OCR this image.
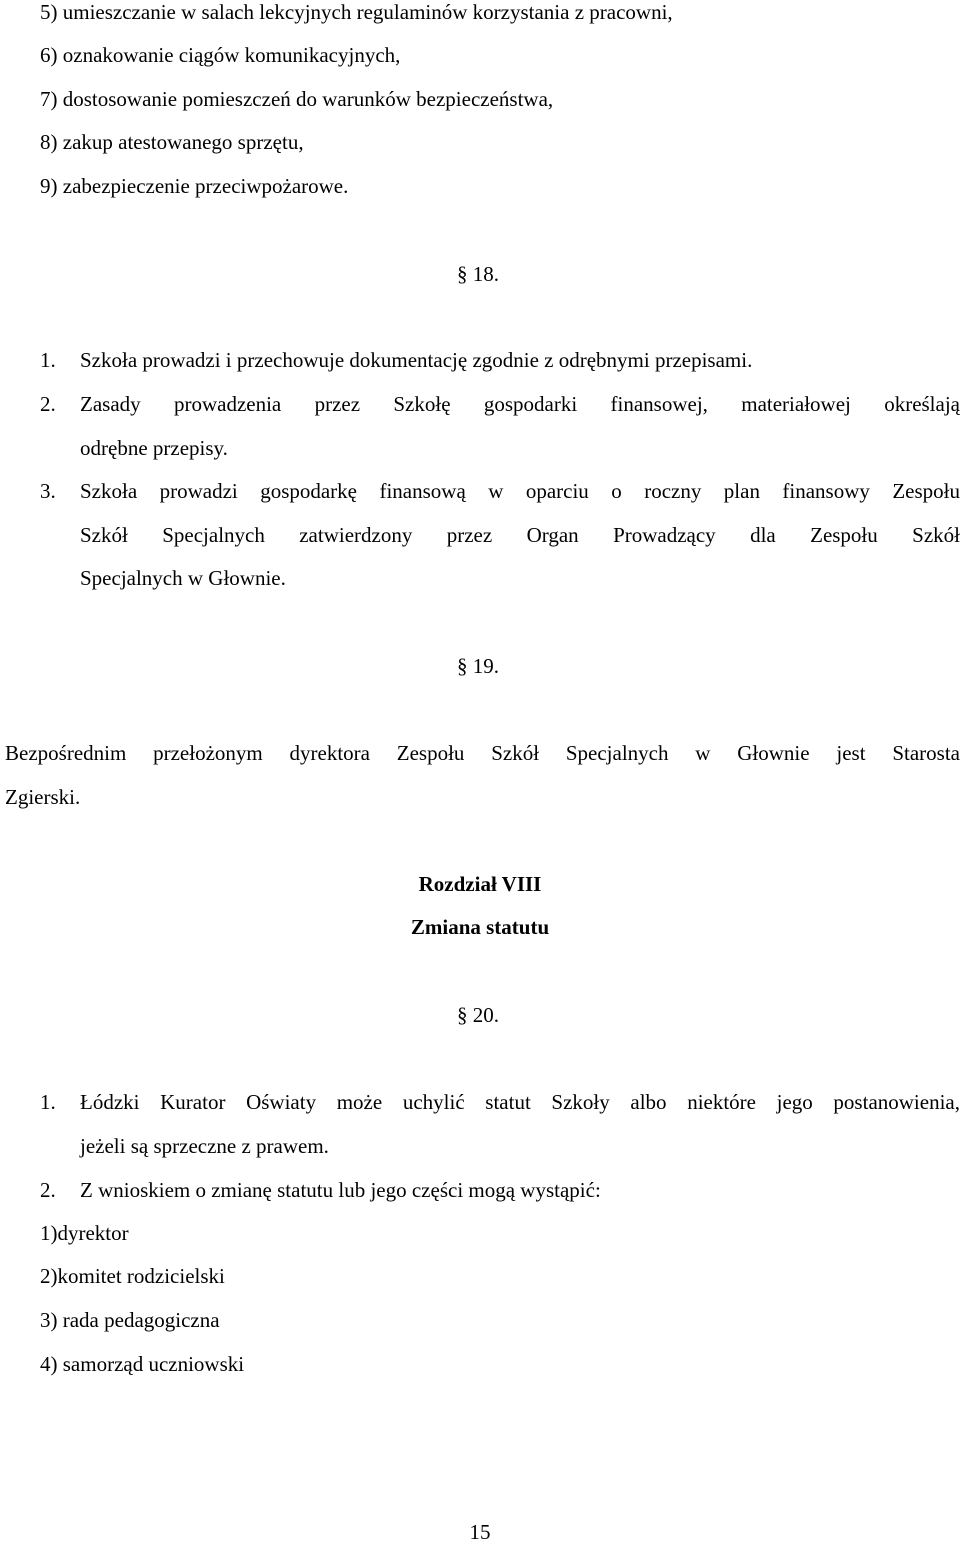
5) umieszczanie w salach lekcyjnych regulaminów korzystania z pracowni,
6) oznakowanie ciągów komunikacyjnych,
7) dostosowanie pomieszczeń do warunków bezpieczeństwa,
8) zakup atestowanego sprzętu,
9) zabezpieczenie przeciwpożarowe.
§ 18.
1. Szkoła prowadzi i przechowuje dokumentację zgodnie z odrębnymi przepisami.
2. Zasady prowadzenia przez Szkołę gospodarki finansowej, materiałowej określają
odrębne przepisy.
3. Szkoła prowadzi gospodarkę finansową w oparciu o roczny plan finansowy Zespołu
Szkół Specjalnych zatwierdzony przez Organ Prowadzący dla Zespołu Szkół
Specjalnych w Głownie.
§ 19.
Bezpośrednim przełożonym dyrektora Zespołu Szkół Specjalnych w Głownie jest Starosta
Zgierski.
Rozdział VIII
Zmiana statutu
§ 20.
1. Łódzki Kurator Oświaty może uchylić statut Szkoły albo niektóre jego postanowienia,
jeżeli są sprzeczne z prawem.
2. Z wnioskiem o zmianę statutu lub jego części mogą wystąpić:
1)dyrektor
2)komitet rodzicielski
3) rada pedagogiczna
4) samorząd uczniowski
15
